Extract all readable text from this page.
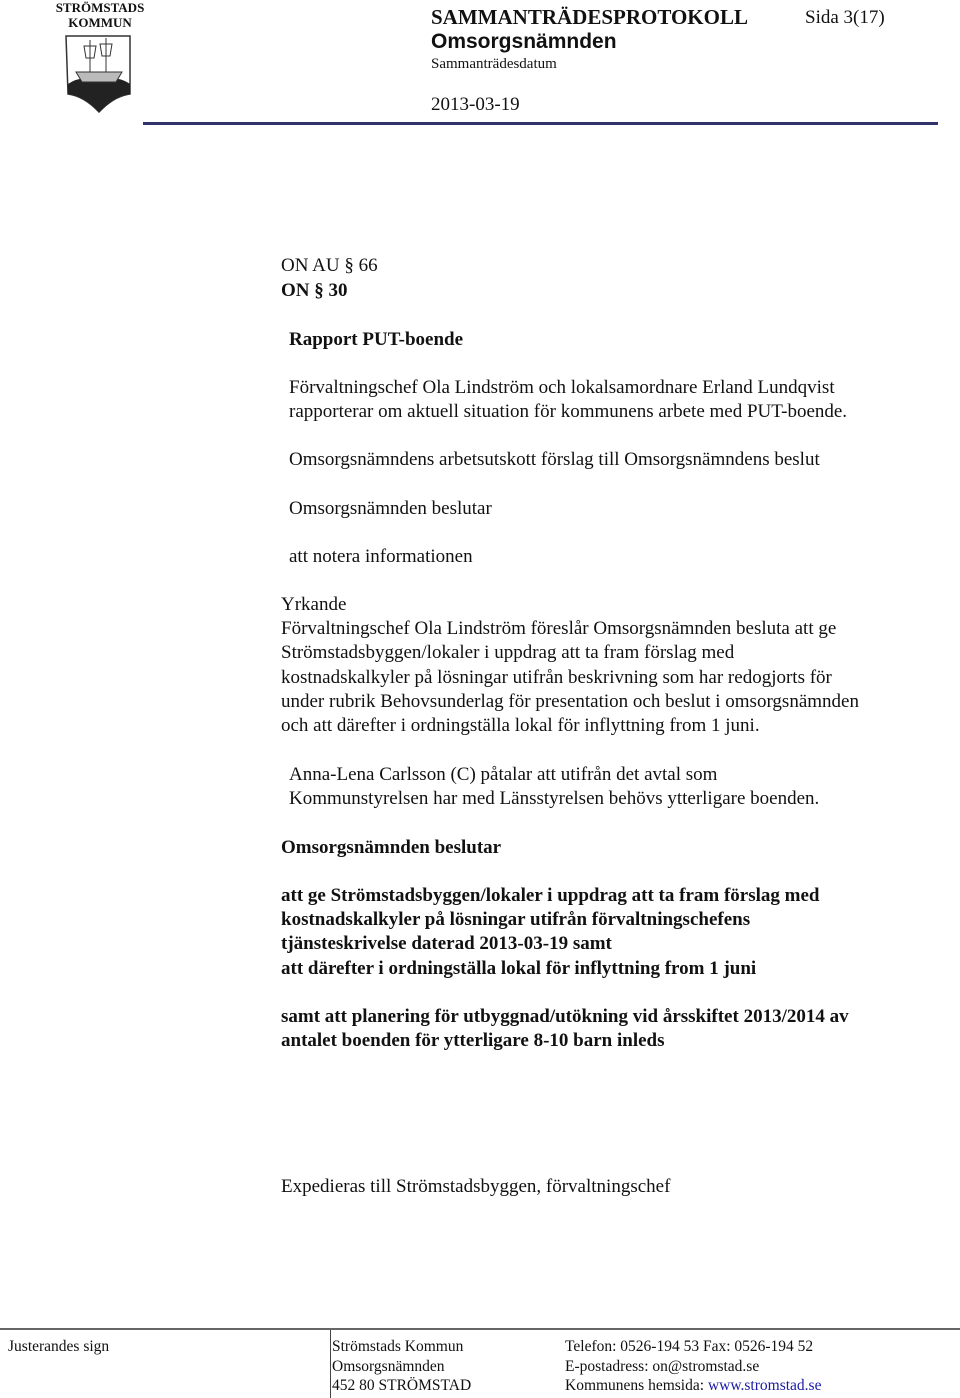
STRÖMSTADS
KOMMUN	SAMMANTRÄDESPROTOKOLL	Sida 3(17)
Omsorgsnämnden
Sammanträdesdatum
2013-03-19
ON AU § 66
ON § 30
Rapport PUT-boende
Förvaltningschef Ola Lindström och lokalsamordnare Erland Lundqvist
rapporterar om aktuell situation för kommunens arbete med PUT-boende.
Omsorgsnämndens arbetsutskott förslag till Omsorgsnämndens beslut
Omsorgsnämnden beslutar
att notera informationen
Yrkande
Förvaltningschef Ola Lindström föreslår Omsorgsnämnden besluta att ge
Strömstadsbyggen/lokaler i uppdrag att ta fram förslag med
kostnadskalkyler på lösningar utifrån beskrivning som har redogjorts för
under rubrik Behovsunderlag för presentation och beslut i omsorgsnämnden
och att därefter i ordningställa lokal för inflyttning from 1 juni.
Anna-Lena Carlsson (C) påtalar att utifrån det avtal som
Kommunstyrelsen har med Länsstyrelsen behövs ytterligare boenden.
Omsorgsnämnden beslutar
att ge Strömstadsbyggen/lokaler i uppdrag att ta fram förslag med
kostnadskalkyler på lösningar utifrån förvaltningschefens
tjänsteskrivelse daterad 2013-03-19 samt
att därefter i ordningställa lokal för inflyttning from 1 juni
samt att planering för utbyggnad/utökning vid årsskiftet 2013/2014 av
antalet boenden för ytterligare 8-10 barn inleds
Expedieras till Strömstadsbyggen, förvaltningschef
Justerandes sign	Strömstads Kommun
Omsorgsnämnden
452 80 STRÖMSTAD
Telefon: 0526-194 53 Fax: 0526-194 52
E-postadress: on@stromstad.se
Kommunens hemsida: www.stromstad.se
